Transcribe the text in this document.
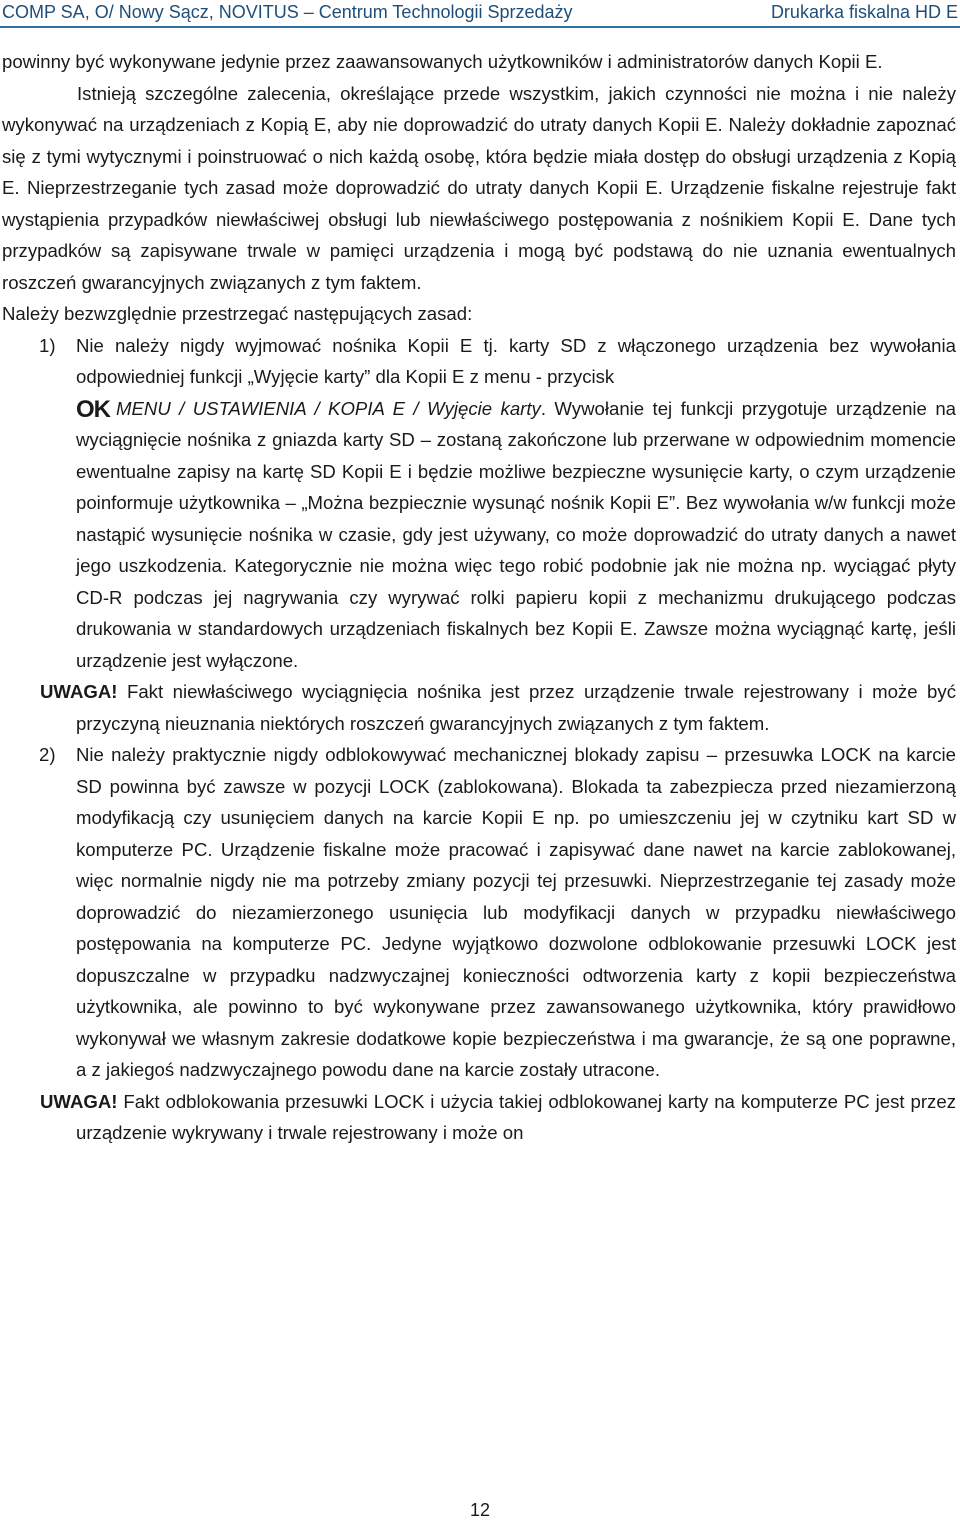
COMP SA, O/ Nowy Sącz, NOVITUS – Centrum Technologii Sprzedaży	Drukarka fiskalna HD E

powinny być wykonywane jedynie przez zaawansowanych użytkowników i administratorów danych Kopii E.

Istnieją szczególne zalecenia, określające przede wszystkim, jakich czynności nie można i nie należy wykonywać na urządzeniach z Kopią E, aby nie doprowadzić do utraty danych Kopii E. Należy dokładnie zapoznać się z tymi wytycznymi i poinstruować o nich każdą osobę, która będzie miała dostęp do obsługi urządzenia z Kopią E. Nieprzestrzeganie tych zasad może doprowadzić do utraty danych Kopii E. Urządzenie fiskalne rejestruje fakt wystąpienia przypadków niewłaściwej obsługi lub niewłaściwego postępowania z nośnikiem Kopii E. Dane tych przypadków są zapisywane trwale w pamięci urządzenia i mogą być podstawą do nie uznania ewentualnych roszczeń gwarancyjnych związanych z tym faktem.

Należy bezwzględnie przestrzegać następujących zasad:

1) Nie należy nigdy wyjmować nośnika Kopii E tj. karty SD z włączonego urządzenia bez wywołania odpowiedniej funkcji „Wyjęcie karty” dla Kopii E z menu - przycisk
OK MENU / USTAWIENIA / KOPIA E / Wyjęcie karty. Wywołanie tej funkcji przygotuje urządzenie na wyciągnięcie nośnika z gniazda karty SD – zostaną zakończone lub przerwane w odpowiednim momencie ewentualne zapisy na kartę SD Kopii E i będzie możliwe bezpieczne wysunięcie karty, o czym urządzenie poinformuje użytkownika – „Można bezpiecznie wysunąć nośnik Kopii E”. Bez wywołania w/w funkcji może nastąpić wysunięcie nośnika w czasie, gdy jest używany, co może doprowadzić do utraty danych a nawet jego uszkodzenia. Kategorycznie nie można więc tego robić podobnie jak nie można np. wyciągać płyty CD-R podczas jej nagrywania czy wyrywać rolki papieru kopii z mechanizmu drukującego podczas drukowania w standardowych urządzeniach fiskalnych bez Kopii E. Zawsze można wyciągnąć kartę, jeśli urządzenie jest wyłączone.

UWAGA! Fakt niewłaściwego wyciągnięcia nośnika jest przez urządzenie trwale rejestrowany i może być przyczyną nieuznania niektórych roszczeń gwarancyjnych związanych z tym faktem.

2) Nie należy praktycznie nigdy odblokowywać mechanicznej blokady zapisu – przesuwka LOCK na karcie SD powinna być zawsze w pozycji LOCK (zablokowana). Blokada ta zabezpiecza przed niezamierzoną modyfikacją czy usunięciem danych na karcie Kopii E np. po umieszczeniu jej w czytniku kart SD w komputerze PC. Urządzenie fiskalne może pracować i zapisywać dane nawet na karcie zablokowanej, więc normalnie nigdy nie ma potrzeby zmiany pozycji tej przesuwki. Nieprzestrzeganie tej zasady może doprowadzić do niezamierzonego usunięcia lub modyfikacji danych w przypadku niewłaściwego postępowania na komputerze PC. Jedyne wyjątkowo dozwolone odblokowanie przesuwki LOCK jest dopuszczalne w przypadku nadzwyczajnej konieczności odtworzenia karty z kopii bezpieczeństwa użytkownika, ale powinno to być wykonywane przez zawansowanego użytkownika, który prawidłowo wykonywał we własnym zakresie dodatkowe kopie bezpieczeństwa i ma gwarancje, że są one poprawne, a z jakiegoś nadzwyczajnego powodu dane na karcie zostały utracone.

UWAGA! Fakt odblokowania przesuwki LOCK i użycia takiej odblokowanej karty na komputerze PC jest przez urządzenie wykrywany i trwale rejestrowany i może on

12
